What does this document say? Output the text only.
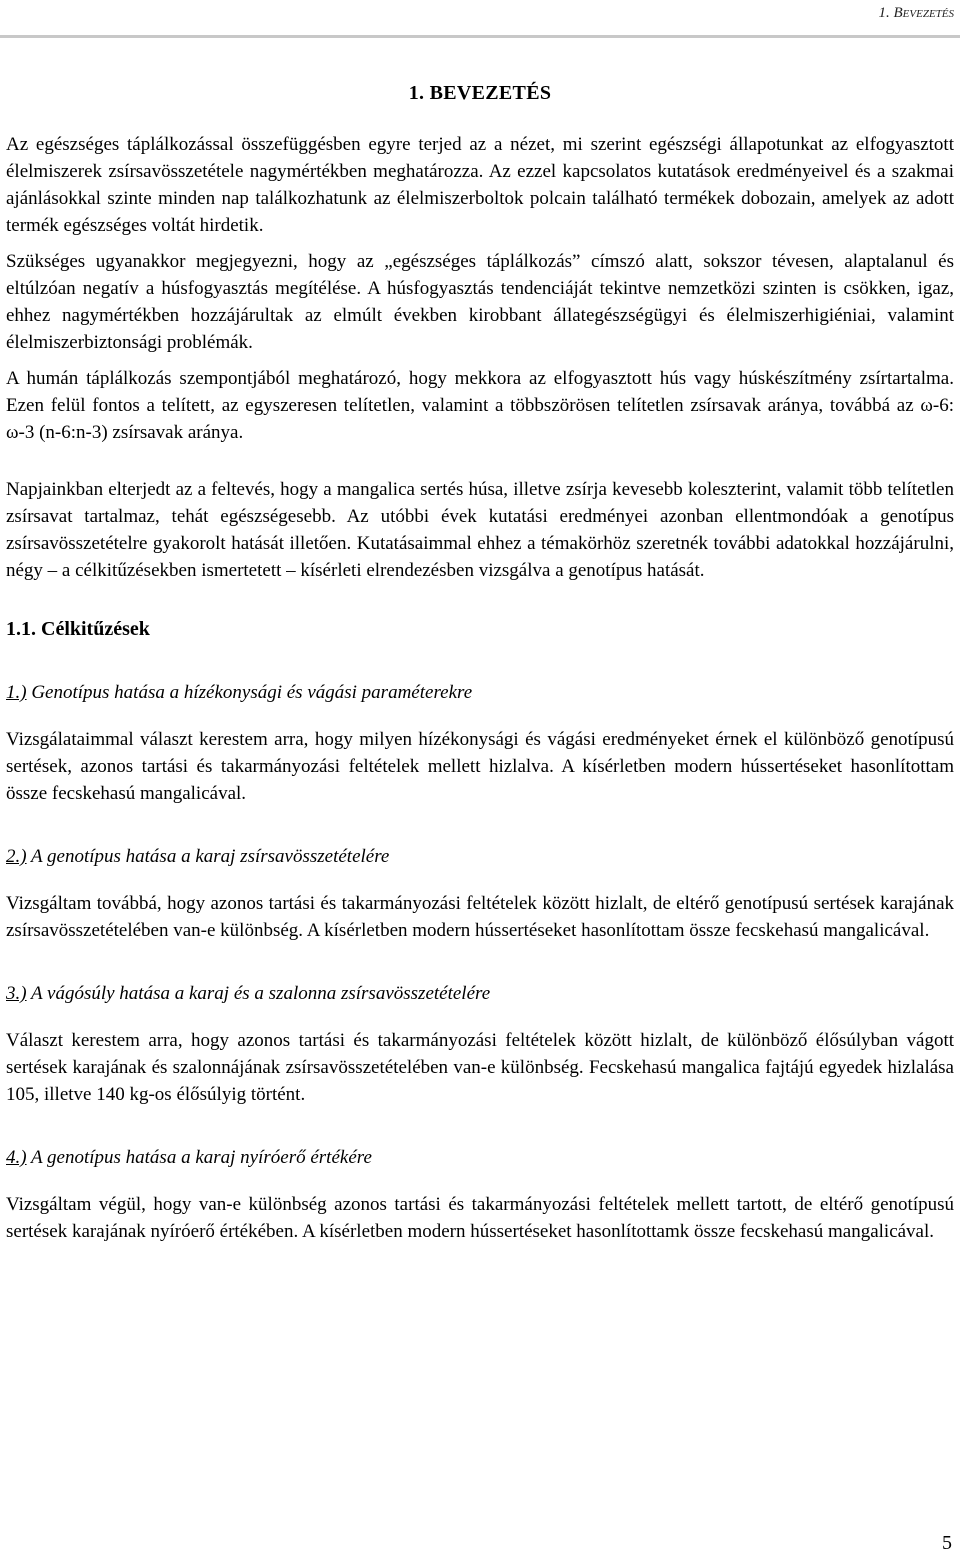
1. Bevezetés
1. BEVEZETÉS

Az egészséges táplálkozással összefüggésben egyre terjed az a nézet, mi szerint egészségi állapotunkat az elfogyasztott élelmiszerek zsírsavösszetétele nagymértékben meghatározza. Az ezzel kapcsolatos kutatások eredményeivel és a szakmai ajánlásokkal szinte minden nap találkozhatunk az élelmiszerboltok polcain található termékek dobozain, amelyek az adott termék egészséges voltát hirdetik.

Szükséges ugyanakkor megjegyezni, hogy az „egészséges táplálkozás” címszó alatt, sokszor tévesen, alaptalanul és eltúlzóan negatív a húsfogyasztás megítélése. A húsfogyasztás tendenciáját tekintve nemzetközi szinten is csökken, igaz, ehhez nagymértékben hozzájárultak az elmúlt években kirobbant állategészségügyi és élelmiszerhigiéniai, valamint élelmiszerbiztonsági problémák.

A humán táplálkozás szempontjából meghatározó, hogy mekkora az elfogyasztott hús vagy húskészítmény zsírtartalma. Ezen felül fontos a telített, az egyszeresen telítetlen, valamint a többszörösen telítetlen zsírsavak aránya, továbbá az ω-6: ω-3 (n-6:n-3) zsírsavak aránya.

Napjainkban elterjedt az a feltevés, hogy a mangalica sertés húsa, illetve zsírja kevesebb koleszterint, valamit több telítetlen zsírsavat tartalmaz, tehát egészségesebb. Az utóbbi évek kutatási eredményei azonban ellentmondóak a genotípus zsírsavösszetételre gyakorolt hatását illetően. Kutatásaimmal ehhez a témakörhöz szeretnék további adatokkal hozzájárulni, négy – a célkitűzésekben ismertetett – kísérleti elrendezésben vizsgálva a genotípus hatását.

1.1. Célkitűzések
1.) Genotípus hatása a hízékonysági és vágási paraméterekre

Vizsgálataimmal választ kerestem arra, hogy milyen hízékonysági és vágási eredményeket érnek el különböző genotípusú sertések, azonos tartási és takarmányozási feltételek mellett hizlalva. A kísérletben modern hússertéseket hasonlítottam össze fecskehasú mangalicával.

2.) A genotípus hatása a karaj zsírsavösszetételére

Vizsgáltam továbbá, hogy azonos tartási és takarmányozási feltételek között hizlalt, de eltérő genotípusú sertések karajának zsírsavösszetételében van-e különbség. A kísérletben modern hússertéseket hasonlítottam össze fecskehasú mangalicával.

3.) A vágósúly hatása a karaj és a szalonna zsírsavösszetételére

Választ kerestem arra, hogy azonos tartási és takarmányozási feltételek között hizlalt, de különböző élősúlyban vágott sertések karajának és szalonnájának zsírsavösszetételében van-e különbség. Fecskehasú mangalica fajtájú egyedek hizlalása 105, illetve 140 kg-os élősúlyig történt.

4.) A genotípus hatása a karaj nyíróerő értékére

Vizsgáltam végül, hogy van-e különbség azonos tartási és takarmányozási feltételek mellett tartott, de eltérő genotípusú sertések karajának nyíróerő értékében. A kísérletben modern hússertéseket hasonlítottamk össze fecskehasú mangalicával.

5
